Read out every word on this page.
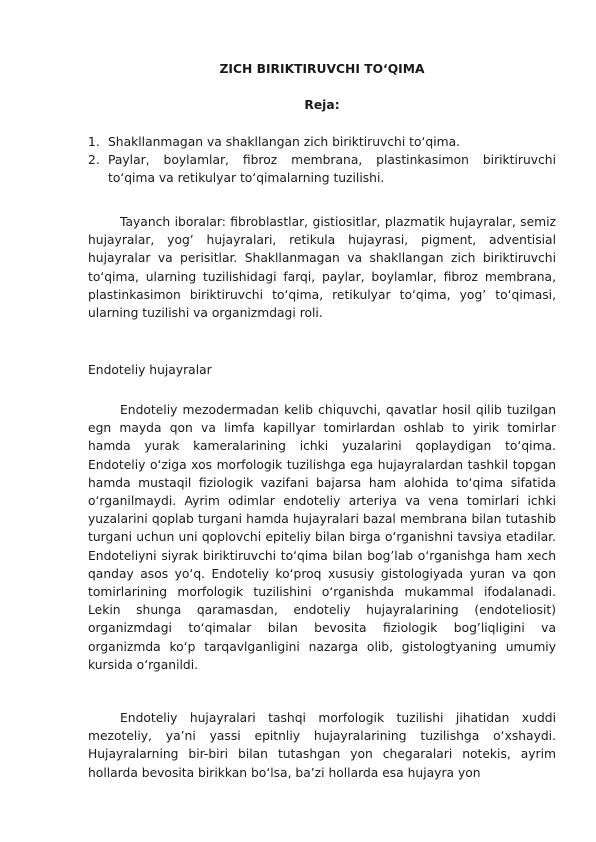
ZICH BIRIKTIRUVCHI TO‘QIMA
Reja:
1. Shakllanmagan va shakllangan zich biriktiruvchi to‘qima.
2. Paylar, boylamlar, fibroz membrana, plastinkasimon biriktiruvchi to‘qima va retikulyar to‘qimalarning tuzilishi.

Tayanch iboralar: fibroblastlar, gistiositlar, plazmatik hujayralar, semiz hujayralar, yog’ hujayralari, retikula hujayrasi, pigment, adventisial hujayralar va perisitlar. Shakllanmagan va shakllangan zich biriktiruvchi to‘qima, ularning tuzilishidagi farqi, paylar, boylamlar, fibroz membrana, plastinkasimon biriktiruvchi to‘qima, retikulyar to‘qima, yog’ to‘qimasi, ularning tuzilishi va organizmdagi roli.

Endoteliy hujayralar

Endoteliy mezodermadan kelib chiquvchi, qavatlar hosil qilib tuzilgan egn mayda qon va limfa kapillyar tomirlardan oshlab to yirik tomirlar hamda yurak kameralarining ichki yuzalarini qoplaydigan to‘qima. Endoteliy o‘ziga xos morfologik tuzilishga ega hujayralardan tashkil topgan hamda mustaqil fiziologik vazifani bajarsa ham alohida to‘qima sifatida o‘rganilmaydi. Ayrim odimlar endoteliy arteriya va vena tomirlari ichki yuzalarini qoplab turgani hamda hujayralari bazal membrana bilan tutashib turgani uchun uni qoplovchi epiteliy bilan birga o‘rganishni tavsiya etadilar. Endoteliyni siyrak biriktiruvchi to‘qima bilan bog’lab o‘rganishga ham xech qanday asos yo‘q. Endoteliy ko‘proq xususiy gistologiyada yuran va qon tomirlarining morfologik tuzilishini o‘rganishda mukammal ifodalanadi. Lekin shunga qaramasdan, endoteliy hujayralarining (endoteliosit) organizmdagi to‘qimalar bilan bevosita fiziologik bog’liqligini va organizmda ko‘p tarqavlganligini nazarga olib, gistologtyaning umumiy kursida o‘rganildi.

Endoteliy hujayralari tashqi morfologik tuzilishi jihatidan xuddi mezoteliy, ya’ni yassi epitnliy hujayralarining tuzilishga o‘xshaydi. Hujayralarning bir-biri bilan tutashgan yon chegaralari notekis, ayrim hollarda bevosita birikkan bo‘lsa, ba’zi hollarda esa hujayra yon
